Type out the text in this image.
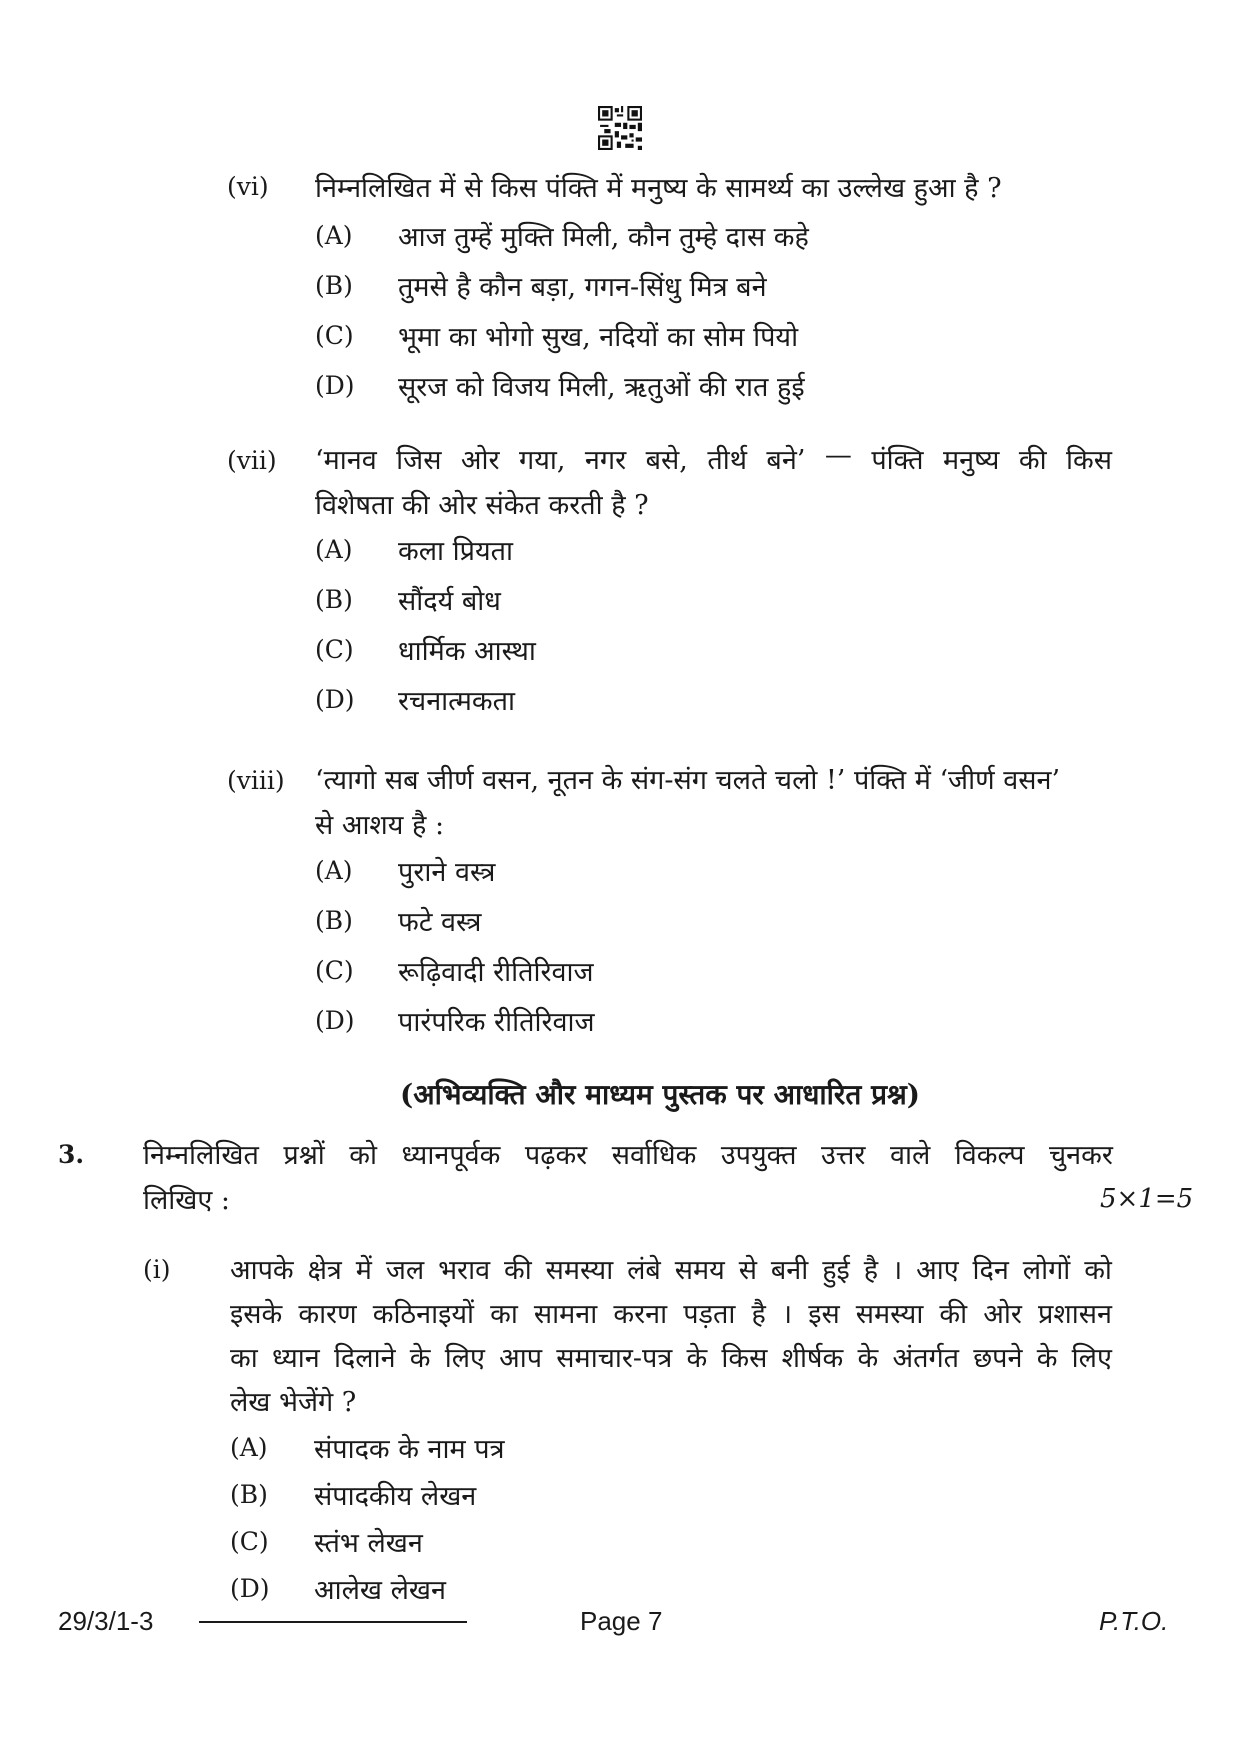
(vi) निम्नलिखित में से किस पंक्ति में मनुष्य के सामर्थ्य का उल्लेख हुआ है ?
(A) आज तुम्हें मुक्ति मिली, कौन तुम्हे दास कहे
(B) तुमसे है कौन बड़ा, गगन-सिंधु मित्र बने
(C) भूमा का भोगो सुख, नदियों का सोम पियो
(D) सूरज को विजय मिली, ऋतुओं की रात हुई
(vii) ‘मानव जिस ओर गया, नगर बसे, तीर्थ बने’ — पंक्ति मनुष्य की किस
विशेषता की ओर संकेत करती है ?
(A) कला प्रियता
(B) सौंदर्य बोध
(C) धार्मिक आस्था
(D) रचनात्मकता
(viii) ‘त्यागो सब जीर्ण वसन, नूतन के संग-संग चलते चलो !’ पंक्ति में ‘जीर्ण वसन’
से आशय है :
(A) पुराने वस्त्र
(B) फटे वस्त्र
(C) रूढ़िवादी रीतिरिवाज
(D) पारंपरिक रीतिरिवाज
(अभिव्यक्ति और माध्यम पुस्तक पर आधारित प्रश्न)
3. निम्नलिखित प्रश्नों को ध्यानपूर्वक पढ़कर सर्वाधिक उपयुक्त उत्तर वाले विकल्प चुनकर
लिखिए :	5×1=5
(i) आपके क्षेत्र में जल भराव की समस्या लंबे समय से बनी हुई है । आए दिन लोगों को
इसके कारण कठिनाइयों का सामना करना पड़ता है । इस समस्या की ओर प्रशासन
का ध्यान दिलाने के लिए आप समाचार-पत्र के किस शीर्षक के अंतर्गत छपने के लिए
लेख भेजेंगे ?
(A) संपादक के नाम पत्र
(B) संपादकीय लेखन
(C) स्तंभ लेखन
(D) आलेख लेखन
29/3/1-3	Page 7	P.T.O.
